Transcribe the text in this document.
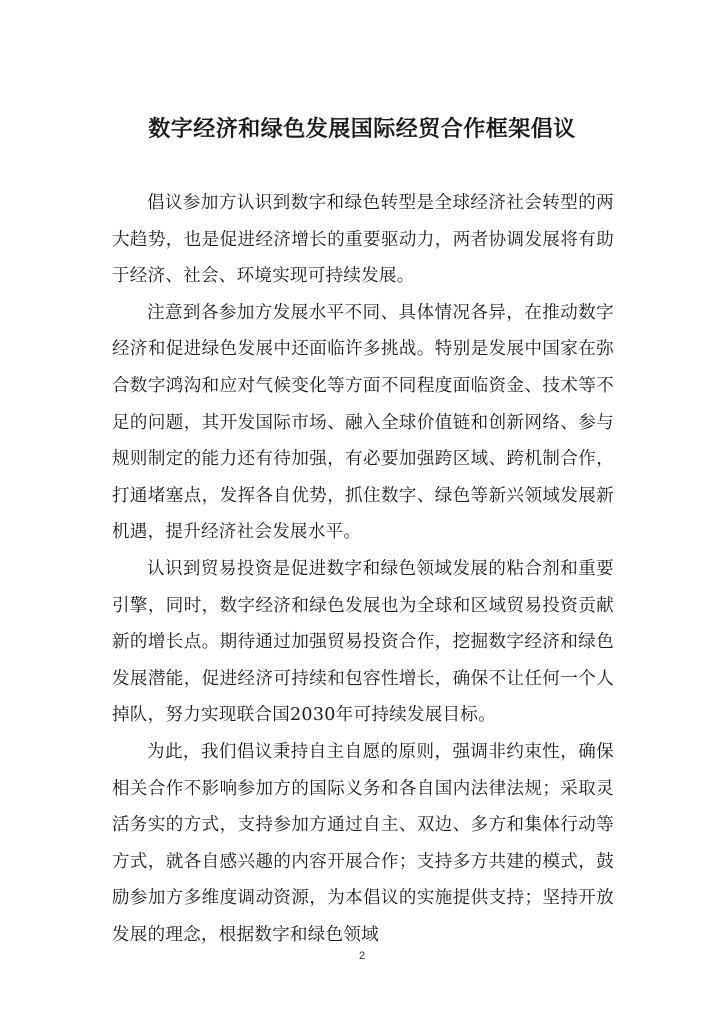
数字经济和绿色发展国际经贸合作框架倡议

倡议参加方认识到数字和绿色转型是全球经济社会转型的两大趋势，也是促进经济增长的重要驱动力，两者协调发展将有助于经济、社会、环境实现可持续发展。

注意到各参加方发展水平不同、具体情况各异，在推动数字经济和促进绿色发展中还面临许多挑战。特别是发展中国家在弥合数字鸿沟和应对气候变化等方面不同程度面临资金、技术等不足的问题，其开发国际市场、融入全球价值链和创新网络、参与规则制定的能力还有待加强，有必要加强跨区域、跨机制合作，打通堵塞点，发挥各自优势，抓住数字、绿色等新兴领域发展新机遇，提升经济社会发展水平。

认识到贸易投资是促进数字和绿色领域发展的粘合剂和重要引擎，同时，数字经济和绿色发展也为全球和区域贸易投资贡献新的增长点。期待通过加强贸易投资合作，挖掘数字经济和绿色发展潜能，促进经济可持续和包容性增长，确保不让任何一个人掉队，努力实现联合国2030年可持续发展目标。

为此，我们倡议秉持自主自愿的原则，强调非约束性，确保相关合作不影响参加方的国际义务和各自国内法律法规；采取灵活务实的方式，支持参加方通过自主、双边、多方和集体行动等方式，就各自感兴趣的内容开展合作；支持多方共建的模式，鼓励参加方多维度调动资源，为本倡议的实施提供支持；坚持开放发展的理念，根据数字和绿色领域

2
